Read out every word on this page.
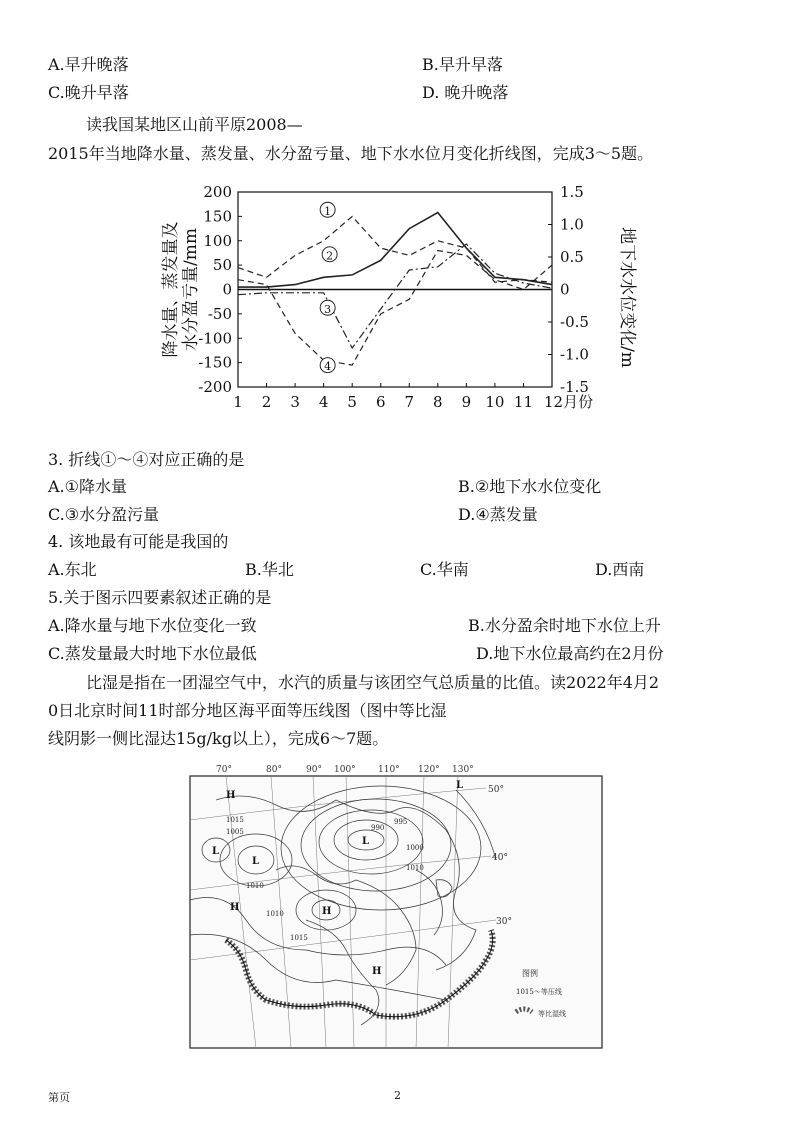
A.早升晚落	B.早升早落
C.晚升早落	D. 晚升晚落
读我国某地区山前平原2008—
2015年当地降水量、蒸发量、水分盈亏量、地下水水位月变化折线图，完成3～5题。
200
150
100
50
0
-50
-100
-150
-200
1.5
1.0
0.5
0
-0.5
-1.0
-1.5
1 2 3 4 5 6 7 8 9 10 11 12月份
降水量、蒸发量及 水分盈亏量/mm	地下水水位变化/m
1
2
3
4
3. 折线①～④对应正确的是
A.①降水量	B.②地下水水位变化
C.③水分盈污量	D.④蒸发量
4. 该地最有可能是我国的
A.东北	B.华北	C.华南	D.西南
5.关于图示四要素叙述正确的是
A.降水量与地下水位变化一致	B.水分盈余时地下水位上升
C.蒸发量最大时地下水位最低	D.地下水位最高约在2月份
比湿是指在一团湿空气中，水汽的质量与该团空气总质量的比值。读2022年4月2
0日北京时间11时部分地区海平面等压线图（图中等比湿
线阴影一侧比湿达15g/kg以上），完成6～7题。
70°	80°	90° 100° 110° 120° 130°
50°
40°
30°
1015
1010
1005
1000
995
990
1010
1015
1010
H
L
L
L
H	H
H
L
图例
1015～等压线
等比湿线
第页	2
